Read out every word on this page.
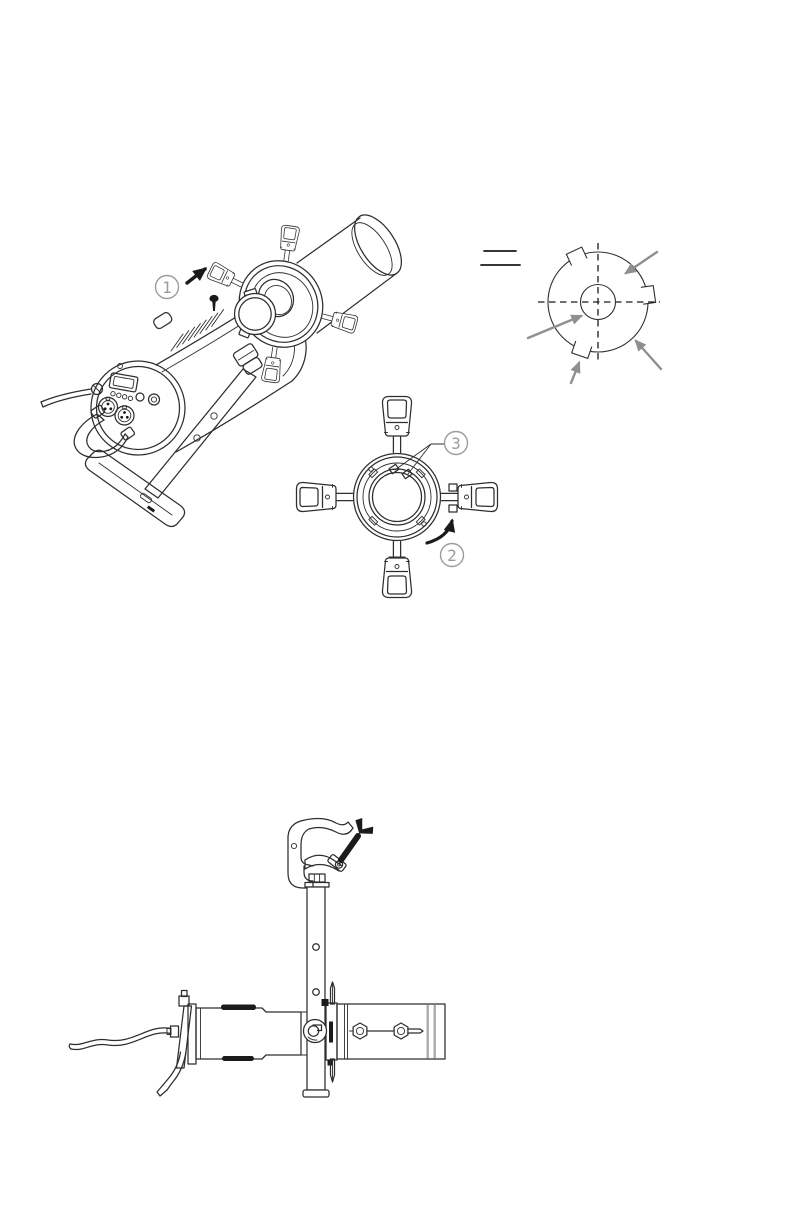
1
3
2
